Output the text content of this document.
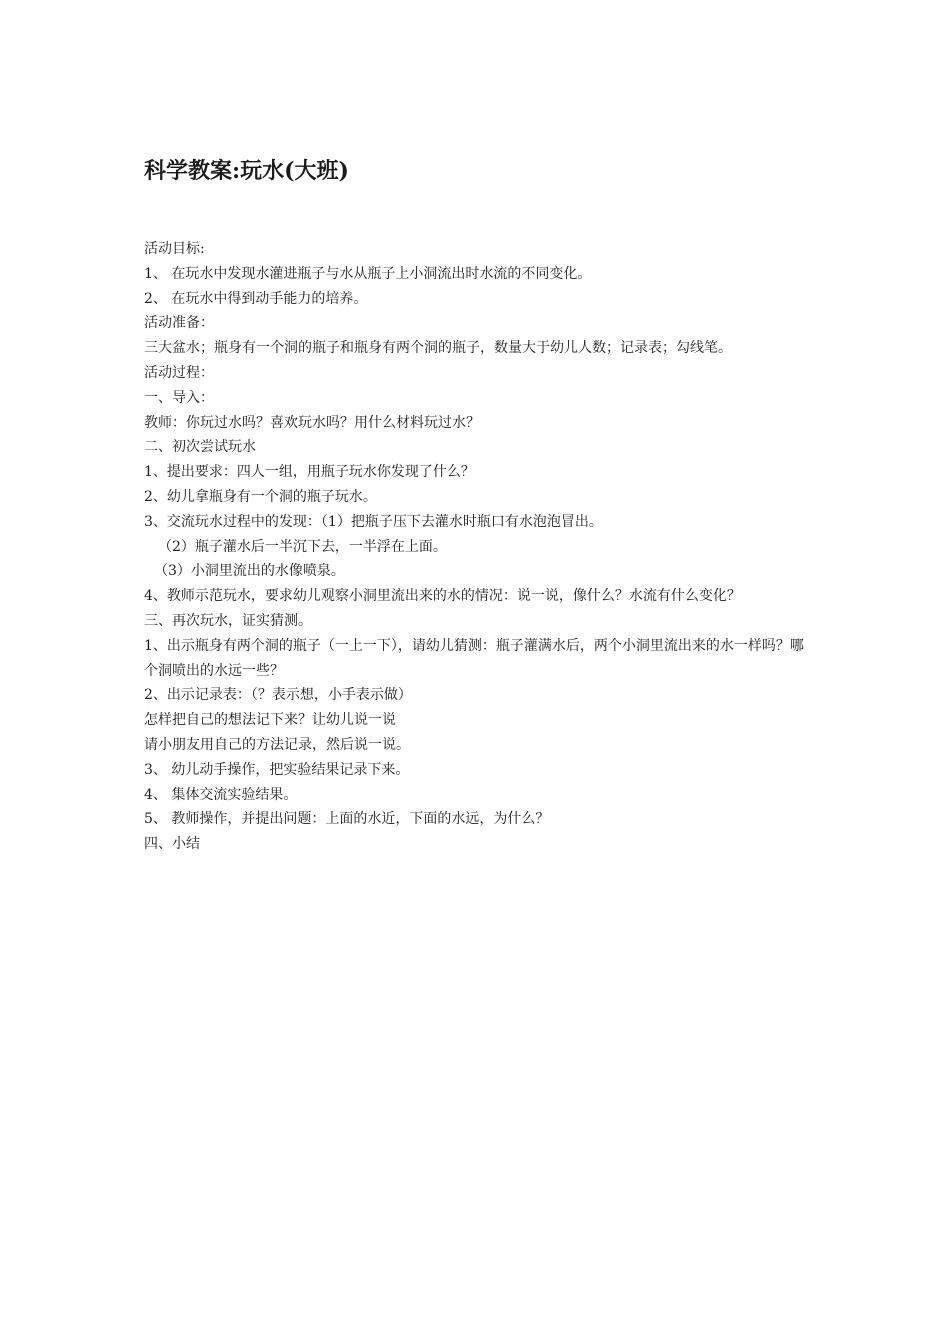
科学教案:玩水(大班)

活动目标:

1、 在玩水中发现水灌进瓶子与水从瓶子上小洞流出时水流的不同变化。

2、 在玩水中得到动手能力的培养。

活动准备：

三大盆水；瓶身有一个洞的瓶子和瓶身有两个洞的瓶子，数量大于幼儿人数；记录表；勾线笔。

活动过程：

一、导入：

教师：你玩过水吗？喜欢玩水吗？用什么材料玩过水？

二、初次尝试玩水

1、提出要求：四人一组，用瓶子玩水你发现了什么？

2、幼儿拿瓶身有一个洞的瓶子玩水。

3、交流玩水过程中的发现：（1）把瓶子压下去灌水时瓶口有水泡泡冒出。

（2）瓶子灌水后一半沉下去，一半浮在上面。

（3）小洞里流出的水像喷泉。

4、教师示范玩水，要求幼儿观察小洞里流出来的水的情况：说一说，像什么？水流有什么变化？

三、再次玩水，证实猜测。

1、出示瓶身有两个洞的瓶子（一上一下），请幼儿猜测：瓶子灌满水后，两个小洞里流出来的水一样吗？哪个洞喷出的水远一些？

2、出示记录表：（？表示想，小手表示做）

怎样把自己的想法记下来？让幼儿说一说

请小朋友用自己的方法记录，然后说一说。

3、 幼儿动手操作，把实验结果记录下来。

4、 集体交流实验结果。

5、 教师操作，并提出问题：上面的水近，下面的水远，为什么？

四、小结
